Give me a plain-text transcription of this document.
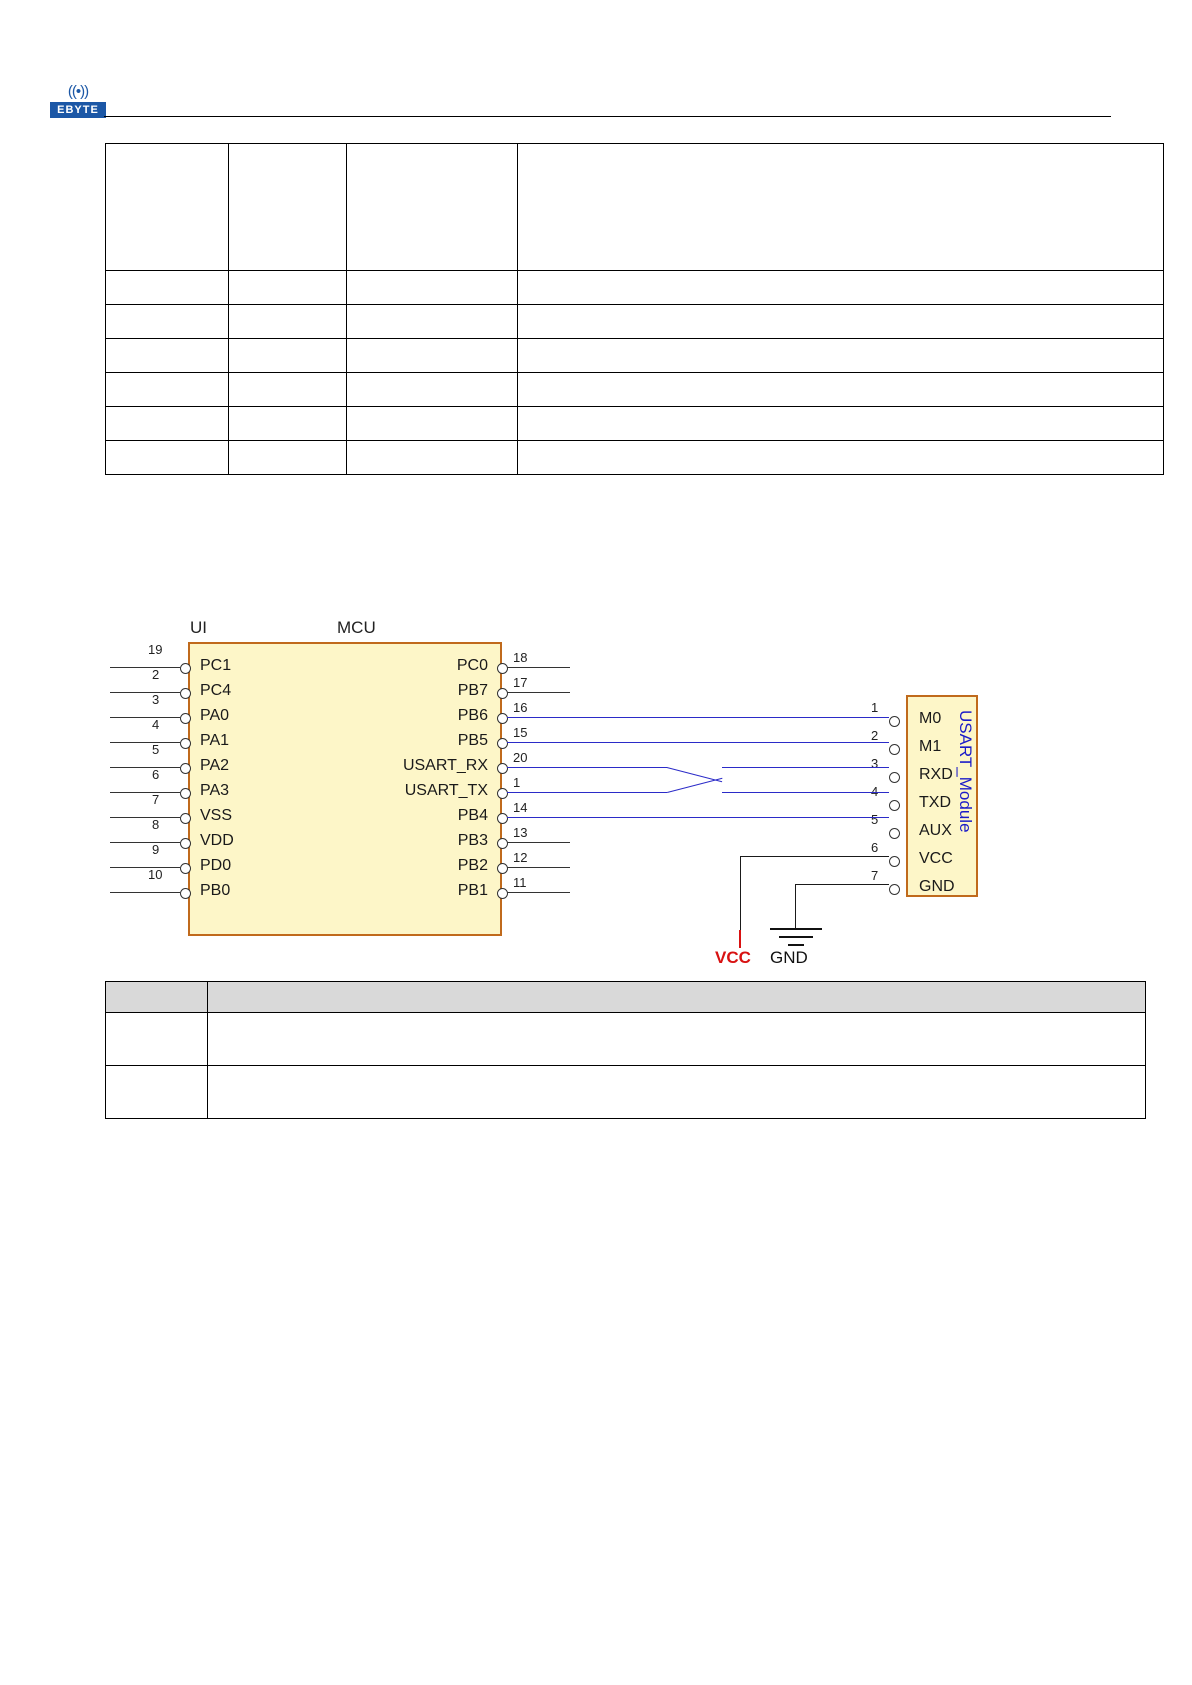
((•))
EBYTE

UI	MCU
PC1
19
PC4
2
PA0
3
PA1
4
PA2
5
PA3
6
VSS
7
VDD
8
PD0
9
PB0
10
PC0 18
PB7 17
PB6 16
PB5 15
USART_RX 20
USART_TX 1
PB4 14
PB3 13
PB2 12
PB1 11
USART_Module
M0
1
M1
2
RXD
3
TXD
4
AUX
5
VCC
6
GND
7
VCC GND
